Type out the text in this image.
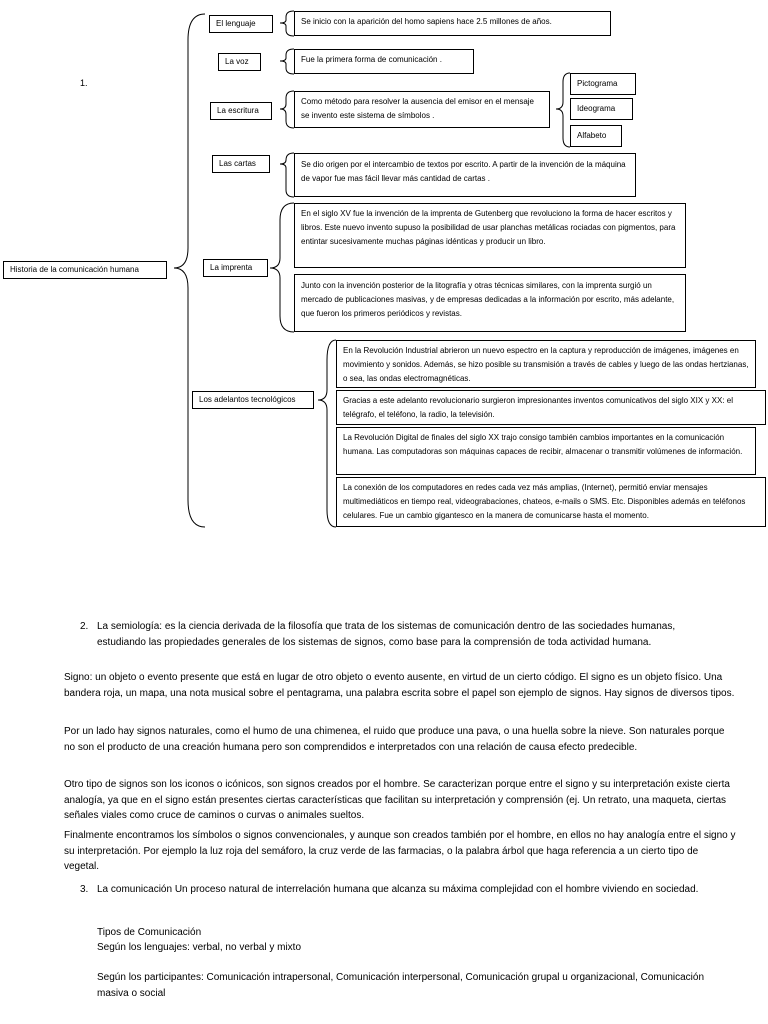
1.
Historia de la comunicación humana
El lenguaje	Se inicio con la aparición del homo sapiens hace 2.5 millones de años.
La voz	Fue la primera forma de comunicación .
La escritura
Como método para resolver la ausencia del emisor en el mensaje se invento este sistema de símbolos .
Pictograma
Ideograma
Alfabeto
Las cartas	Se dio origen por el intercambio de textos por escrito. A partir de la invención de la máquina de vapor fue mas fácil llevar más cantidad de cartas .
La imprenta
En el siglo XV fue la invención de la imprenta de Gutenberg que revoluciono la forma de hacer escritos y libros. Este nuevo invento supuso la posibilidad de usar planchas metálicas rociadas con pigmentos, para entintar sucesivamente muchas páginas idénticas y producir un libro.
Junto con la invención posterior de la litografía y otras técnicas similares, con la imprenta surgió un mercado de publicaciones masivas, y de empresas dedicadas a la información por escrito, más adelante, que fueron los primeros periódicos y revistas.
Los adelantos tecnológicos
En la Revolución Industrial abrieron un nuevo espectro en la captura y reproducción de imágenes, imágenes en movimiento y sonidos. Además, se hizo posible su transmisión a través de cables y luego de las ondas hertzianas, o sea, las ondas electromagnéticas.
Gracias a este adelanto revolucionario surgieron impresionantes inventos comunicativos del siglo XIX y XX: el telégrafo, el teléfono, la radio, la televisión.
La Revolución Digital de finales del siglo XX trajo consigo también cambios importantes en la comunicación humana. Las computadoras son máquinas capaces de recibir, almacenar o transmitir volúmenes de información.
La conexión de los computadores en redes cada vez más amplias, (Internet), permitió enviar mensajes multimediáticos en tiempo real, videograbaciones, chateos, e-mails o SMS. Etc. Disponibles además en teléfonos celulares. Fue un cambio gigantesco en la manera de comunicarse hasta el momento.
2. La semiología: es la ciencia derivada de la filosofía que trata de los sistemas de comunicación dentro de las sociedades humanas, estudiando las propiedades generales de los sistemas de signos, como base para la comprensión de toda actividad humana.

Signo: un objeto o evento presente que está en lugar de otro objeto o evento ausente, en virtud de un cierto código. El signo es un objeto físico. Una bandera roja, un mapa, una nota musical sobre el pentagrama, una palabra escrita sobre el papel son ejemplo de signos. Hay signos de diversos tipos.

Por un lado hay signos naturales, como el humo de una chimenea, el ruido que produce una pava, o una huella sobre la nieve. Son naturales porque no son el producto de una creación humana pero son comprendidos e interpretados con una relación de causa efecto predecible.

Otro tipo de signos son los iconos o icónicos, son signos creados por el hombre. Se caracterizan porque entre el signo y su interpretación existe cierta analogía, ya que en el signo están presentes ciertas características que facilitan su interpretación y comprensión (ej. Un retrato, una maqueta, ciertas señales viales como cruce de caminos o curvas o animales sueltos.

Finalmente encontramos los símbolos o signos convencionales, y aunque son creados también por el hombre, en ellos no hay analogía entre el signo y su interpretación. Por ejemplo la luz roja del semáforo, la cruz verde de las farmacias, o la palabra árbol que haga referencia a un cierto tipo de vegetal.

3. La comunicación Un proceso natural de interrelación humana que alcanza su máxima complejidad con el hombre viviendo en sociedad.

Tipos de Comunicación

Según los lenguajes: verbal, no verbal y mixto

Según los participantes: Comunicación intrapersonal, Comunicación interpersonal, Comunicación grupal u organizacional, Comunicación masiva o social
